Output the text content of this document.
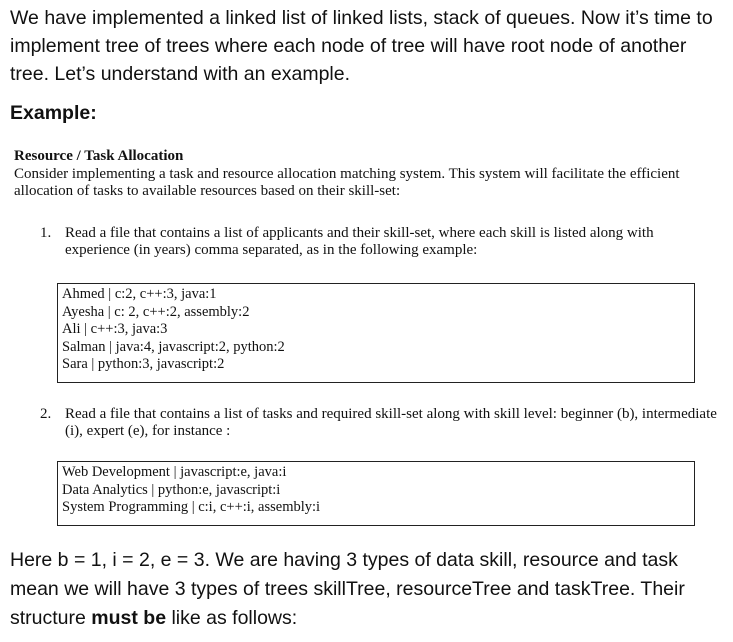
We have implemented a linked list of linked lists, stack of queues. Now it’s time to implement tree of trees where each node of tree will have root node of another tree. Let’s understand with an example.

Example:

Resource / Task Allocation

Consider implementing a task and resource allocation matching system. This system will facilitate the efficient allocation of tasks to available resources based on their skill-set:

1. Read a file that contains a list of applicants and their skill-set, where each skill is listed along with experience (in years) comma separated, as in the following example:

Ahmed | c:2, c++:3, java:1
Ayesha | c: 2, c++:2, assembly:2
Ali | c++:3, java:3
Salman | java:4, javascript:2, python:2
Sara | python:3, javascript:2
2. Read a file that contains a list of tasks and required skill-set along with skill level: beginner (b), intermediate (i), expert (e), for instance :

Web Development | javascript:e, java:i
Data Analytics | python:e, javascript:i
System Programming | c:i, c++:i, assembly:i

Here b = 1, i = 2, e = 3. We are having 3 types of data skill, resource and task mean we will have 3 types of trees skillTree, resourceTree and taskTree. Their structure must be like as follows:
